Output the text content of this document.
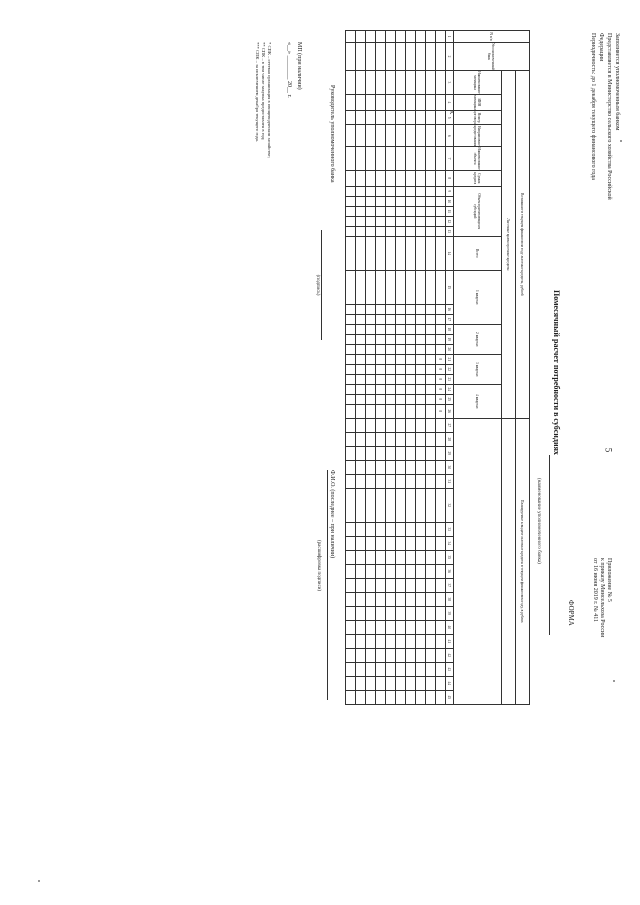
5
Приложение № 5
к приказу Минсельхоза России
от 16 июня 2019 г. № 411
ФОРМА
Заполняется уполномоченным банком
Представляется в Министерство сельского хозяйства Российской
Федерации
Периодичность: до 1 декабря текущего финансового года
Помесячный расчет потребности в субсидиях
(наименование уполномоченного банка)
N п/п	Уполномоченный банк	Возникшие в текущем финансовом году льготные кредиты, рублей																								Планируемые к выдаче льготные кредиты в текущем финансовом году, в рублях																		
		Льготные краткосрочные кредиты																																										
		Наименование заемщика	ИНН заемщика	Номер договора	Направление кредитования	Наименование объекта	Сумма кредита	Объем причитающихся субсидий					Всего	1 квартал			2 квартал			3 квартал			4 квартал																					
1	2	3	4	5	6	7	8	9	10	11	12	13	14	15	16	17	18	19	20	21	22	23	24	25	26	27	28	29	30	31	32	33	34	35	36	37	38	39	40	41	42	43	44	45
																				8	8	8	8	8	8																			

X
Руководитель уполномоченного банка
(подпись)
Ф.И.О. (последнее – при наличии)
(расшифровка подписи)
МП (при наличии)
«__» ________ 20__ г.
* СПК – сетевая организация в овощеводческом хозяйстве;
** СПК – в том числе закупка предоставлен в год;
*** СПК – за исключением декабря текущего года.
